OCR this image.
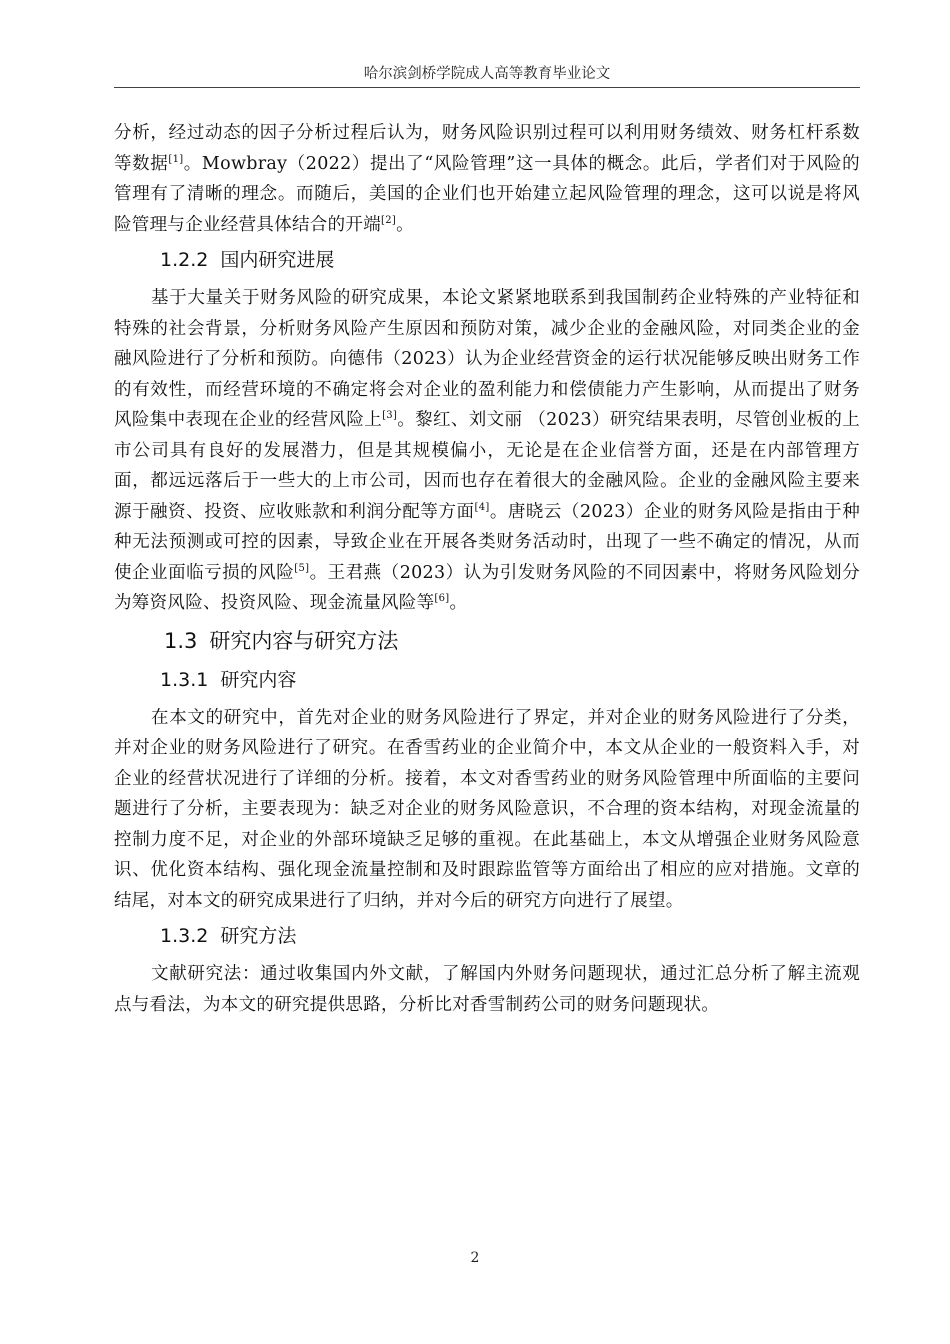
哈尔滨剑桥学院成人高等教育毕业论文

分析，经过动态的因子分析过程后认为，财务风险识别过程可以利用财务绩效、财务杠杆系数等数据[1]。Mowbray（2022）提出了“风险管理”这一具体的概念。此后，学者们对于风险的管理有了清晰的理念。而随后，美国的企业们也开始建立起风险管理的理念，这可以说是将风险管理与企业经营具体结合的开端[2]。

1.2.2 国内研究进展

基于大量关于财务风险的研究成果，本论文紧紧地联系到我国制药企业特殊的产业特征和特殊的社会背景，分析财务风险产生原因和预防对策，减少企业的金融风险，对同类企业的金融风险进行了分析和预防。向德伟（2023）认为企业经营资金的运行状况能够反映出财务工作的有效性，而经营环境的不确定将会对企业的盈利能力和偿债能力产生影响，从而提出了财务风险集中表现在企业的经营风险上[3]。黎红、刘文丽 （2023）研究结果表明，尽管创业板的上市公司具有良好的发展潜力，但是其规模偏小，无论是在企业信誉方面，还是在内部管理方面，都远远落后于一些大的上市公司，因而也存在着很大的金融风险。企业的金融风险主要来源于融资、投资、应收账款和利润分配等方面[4]。唐晓云（2023）企业的财务风险是指由于种种无法预测或可控的因素，导致企业在开展各类财务活动时，出现了一些不确定的情况，从而使企业面临亏损的风险[5]。王君燕（2023）认为引发财务风险的不同因素中，将财务风险划分为筹资风险、投资风险、现金流量风险等[6]。

1.3 研究内容与研究方法
1.3.1 研究内容

在本文的研究中，首先对企业的财务风险进行了界定，并对企业的财务风险进行了分类，并对企业的财务风险进行了研究。在香雪药业的企业简介中，本文从企业的一般资料入手，对企业的经营状况进行了详细的分析。接着，本文对香雪药业的财务风险管理中所面临的主要问题进行了分析，主要表现为：缺乏对企业的财务风险意识，不合理的资本结构，对现金流量的控制力度不足，对企业的外部环境缺乏足够的重视。在此基础上，本文从增强企业财务风险意识、优化资本结构、强化现金流量控制和及时跟踪监管等方面给出了相应的应对措施。文章的结尾，对本文的研究成果进行了归纳，并对今后的研究方向进行了展望。

1.3.2 研究方法

文献研究法：通过收集国内外文献，了解国内外财务问题现状，通过汇总分析了解主流观点与看法，为本文的研究提供思路，分析比对香雪制药公司的财务问题现状。

2
